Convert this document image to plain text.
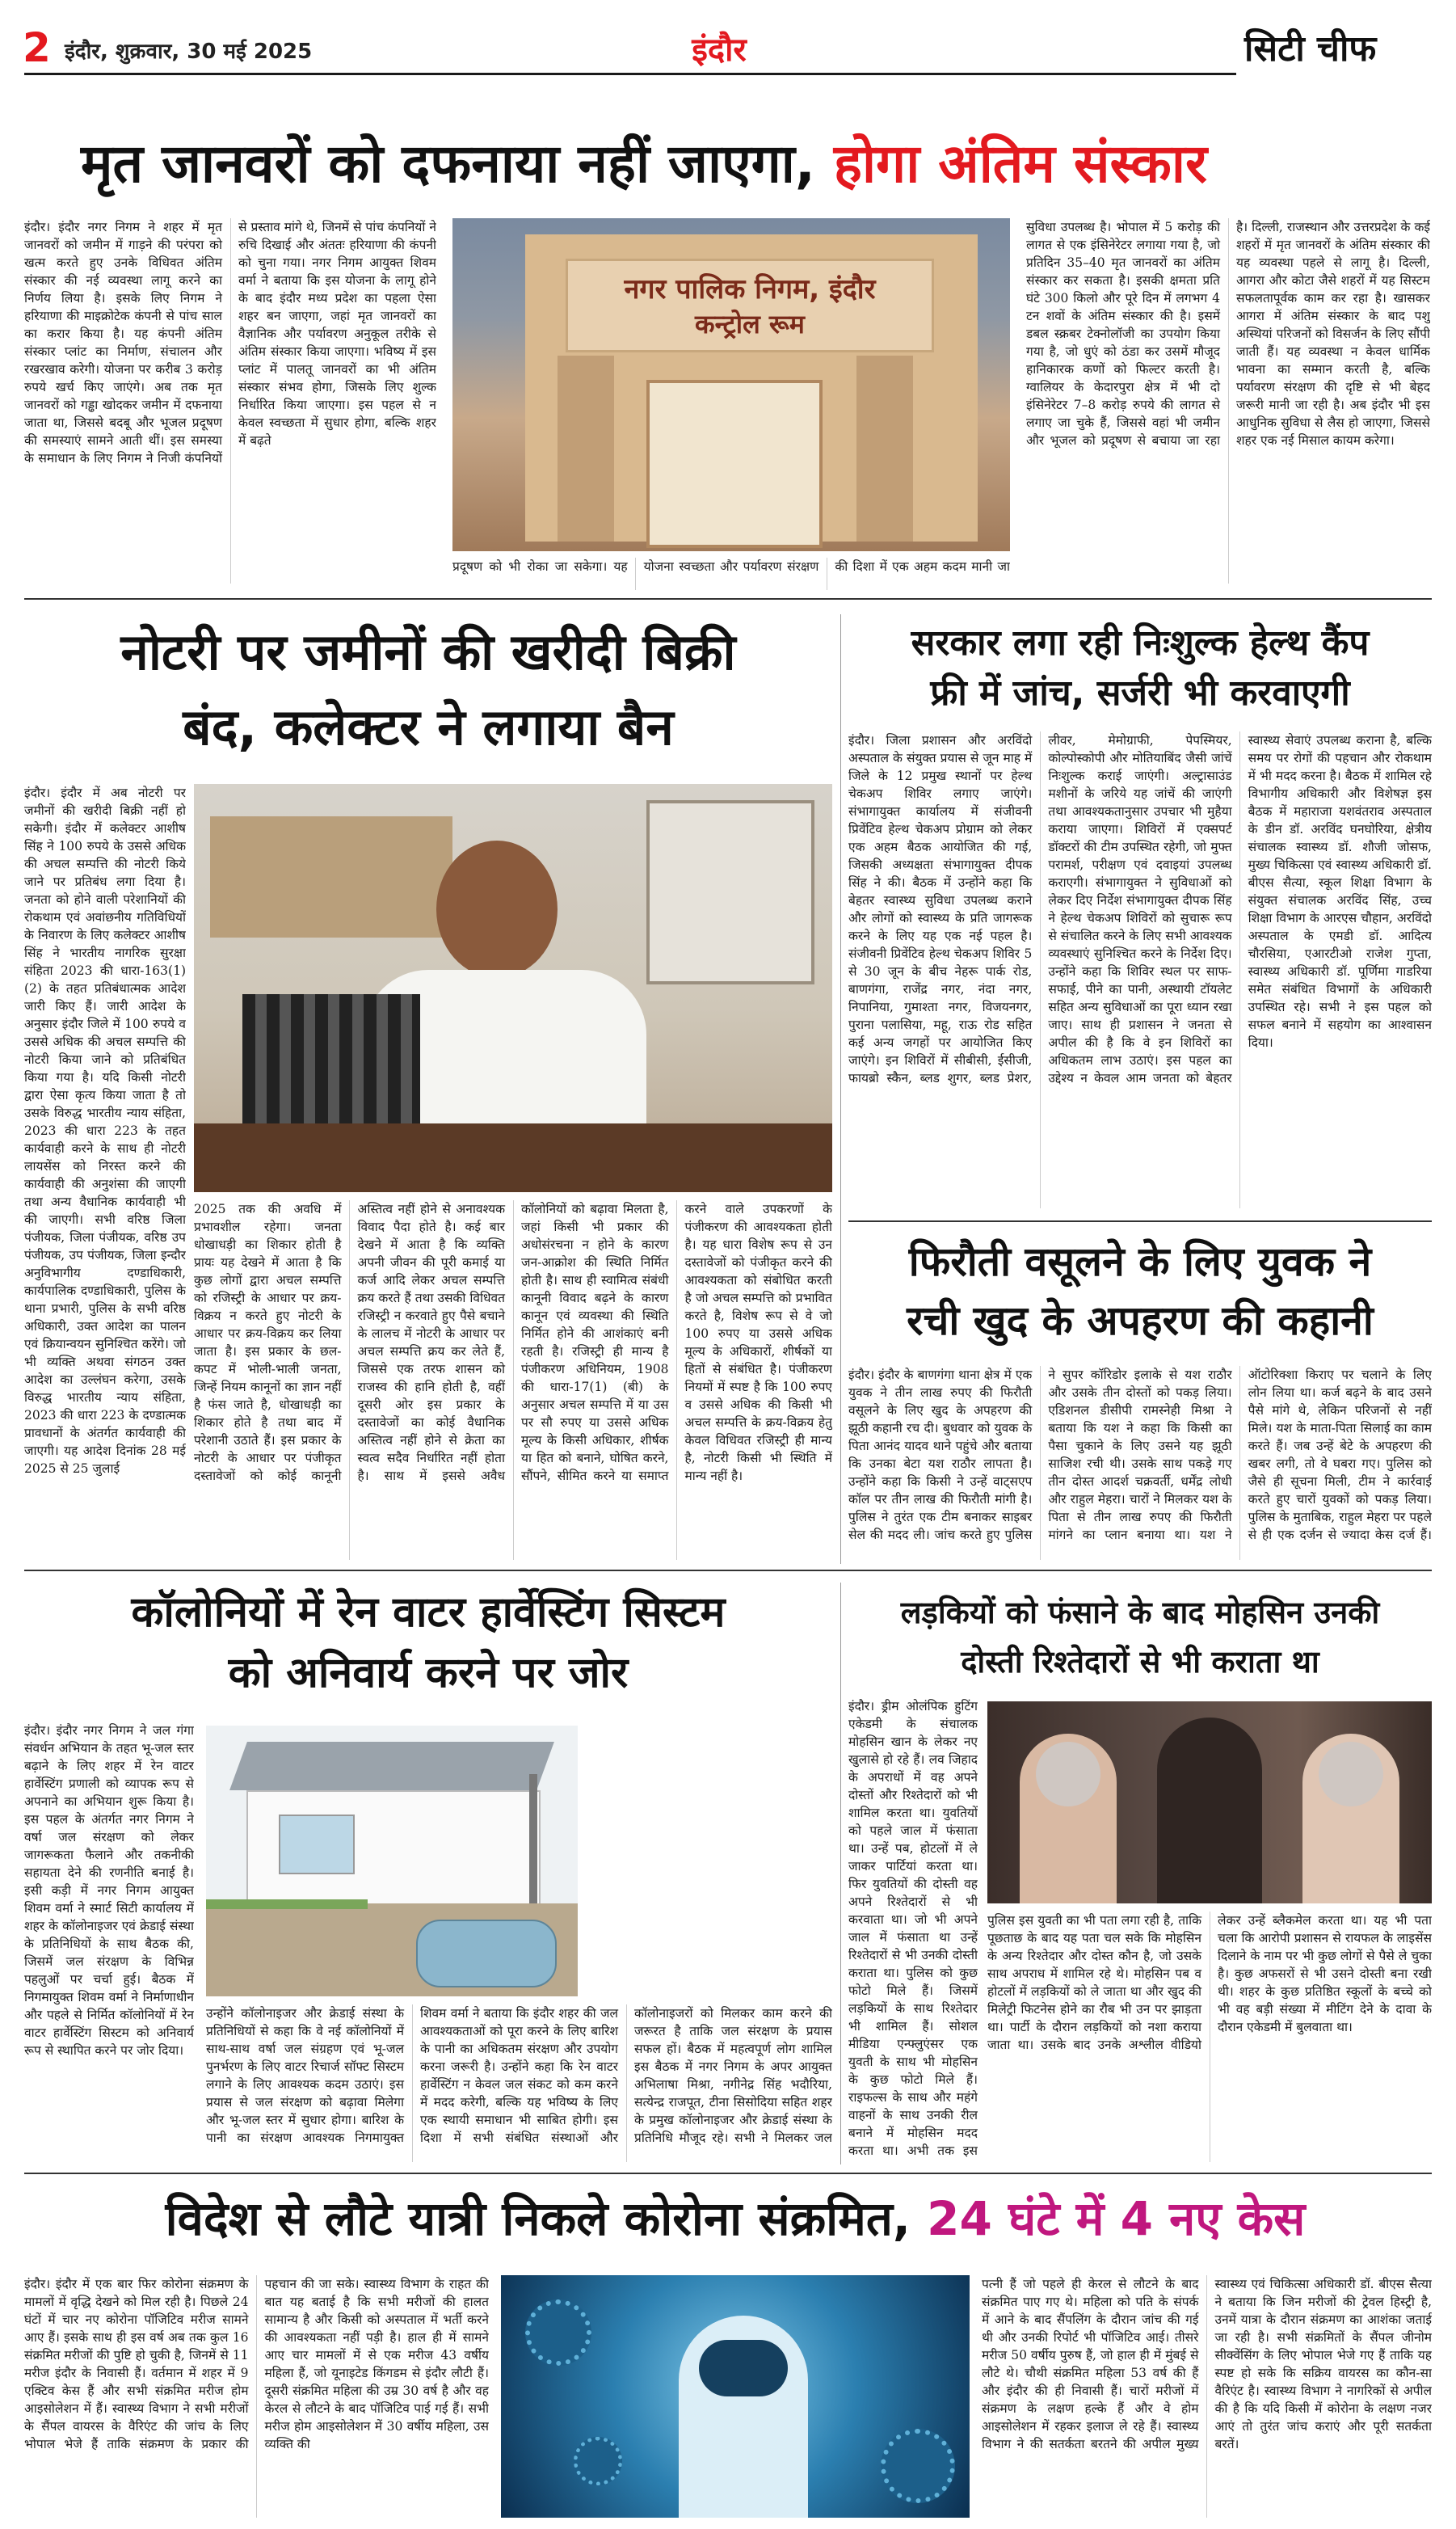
2 इंदौर, शुक्रवार, 30 मई 2025	इंदौर	सिटी चीफ
मृत जानवरों को दफनाया नहीं जाएगा, होगा अंतिम संस्कार
इंदौर। इंदौर नगर निगम ने शहर में मृत जानवरों को जमीन में गाड़ने की परंपरा को खत्म करते हुए उनके विधिवत अंतिम संस्कार की नई व्यवस्था लागू करने का निर्णय लिया है। इसके लिए निगम ने हरियाणा की माइक्रोटेक कंपनी से पांच साल का करार किया है। यह कंपनी अंतिम संस्कार प्लांट का निर्माण, संचालन और रखरखाव करेगी। योजना पर करीब 3 करोड़ रुपये खर्च किए जाएंगे। अब तक मृत जानवरों को गड्ढा खोदकर जमीन में दफनाया जाता था, जिससे बदबू और भूजल प्रदूषण की समस्याएं सामने आती थीं। इस समस्या के समाधान के लिए निगम ने निजी कंपनियों से प्रस्ताव मांगे थे, जिनमें से पांच कंपनियों ने रुचि दिखाई और अंततः हरियाणा की कंपनी को चुना गया। नगर निगम आयुक्त शिवम वर्मा ने बताया कि इस योजना के लागू होने के बाद इंदौर मध्य प्रदेश का पहला ऐसा शहर बन जाएगा, जहां मृत जानवरों का वैज्ञानिक और पर्यावरण अनुकूल तरीके से अंतिम संस्कार किया जाएगा। भविष्य में इस प्लांट में पालतू जानवरों का भी अंतिम संस्कार संभव होगा, जिसके लिए शुल्क निर्धारित किया जाएगा। इस पहल से न केवल स्वच्छता में सुधार होगा, बल्कि शहर में बढ़ते
नगर पालिक निगम, इंदौर
कन्ट्रोल रूम
प्रदूषण को भी रोका जा सकेगा। यह योजना स्वच्छता और पर्यावरण संरक्षण की दिशा में एक अहम कदम मानी जा
सुविधा उपलब्ध है। भोपाल में 5 करोड़ की लागत से एक इंसिनेरेटर लगाया गया है, जो प्रतिदिन 35–40 मृत जानवरों का अंतिम संस्कार कर सकता है। इसकी क्षमता प्रति घंटे 300 किलो और पूरे दिन में लगभग 4 टन शवों के अंतिम संस्कार की है। इसमें डबल स्क्रबर टेक्नोलॉजी का उपयोग किया गया है, जो धुएं को ठंडा कर उसमें मौजूद हानिकारक कणों को फिल्टर करती है। ग्वालियर के केदारपुरा क्षेत्र में भी दो इंसिनेरेटर 7–8 करोड़ रुपये की लागत से लगाए जा चुके हैं, जिससे वहां भी जमीन और भूजल को प्रदूषण से बचाया जा रहा है। दिल्ली, राजस्थान और उत्तरप्रदेश के कई शहरों में मृत जानवरों के अंतिम संस्कार की यह व्यवस्था पहले से लागू है। दिल्ली, आगरा और कोटा जैसे शहरों में यह सिस्टम सफलतापूर्वक काम कर रहा है। खासकर आगरा में अंतिम संस्कार के बाद पशु अस्थियां परिजनों को विसर्जन के लिए सौंपी जाती हैं। यह व्यवस्था न केवल धार्मिक भावना का सम्मान करती है, बल्कि पर्यावरण संरक्षण की दृष्टि से भी बेहद जरूरी मानी जा रही है। अब इंदौर भी इस आधुनिक सुविधा से लैस हो जाएगा, जिससे शहर एक नई मिसाल कायम करेगा।
नोटरी पर जमीनों की खरीदी बिक्री
बंद, कलेक्टर ने लगाया बैन
इंदौर। इंदौर में अब नोटरी पर जमीनों की खरीदी बिक्री नहीं हो सकेगी। इंदौर में कलेक्टर आशीष सिंह ने 100 रुपये के उससे अधिक की अचल सम्पत्ति की नोटरी किये जाने पर प्रतिबंध लगा दिया है। जनता को होने वाली परेशानियों की रोकथाम एवं अवांछनीय गतिविधियों के निवारण के लिए कलेक्टर आशीष सिंह ने भारतीय नागरिक सुरक्षा संहिता 2023 की धारा-163(1)(2) के तहत प्रतिबंधात्मक आदेश जारी किए हैं। जारी आदेश के अनुसार इंदौर जिले में 100 रुपये व उससे अधिक की अचल सम्पत्ति की नोटरी किया जाने को प्रतिबंधित किया गया है। यदि किसी नोटरी द्वारा ऐसा कृत्य किया जाता है तो उसके विरुद्ध भारतीय न्याय संहिता, 2023 की धारा 223 के तहत कार्यवाही करने के साथ ही नोटरी लायसेंस को निरस्त करने की कार्यवाही की अनुशंसा की जाएगी तथा अन्य वैधानिक कार्यवाही भी की जाएगी। सभी वरिष्ठ जिला पंजीयक, जिला पंजीयक, वरिष्ठ उप पंजीयक, उप पंजीयक, जिला इन्दौर अनुविभागीय दण्डाधिकारी, कार्यपालिक दण्डाधिकारी, पुलिस के थाना प्रभारी, पुलिस के सभी वरिष्ठ अधिकारी, उक्त आदेश का पालन एवं क्रियान्वयन सुनिश्चित करेंगे। जो भी व्यक्ति अथवा संगठन उक्त आदेश का उल्लंघन करेगा, उसके विरुद्ध भारतीय न्याय संहिता, 2023 की धारा 223 के दण्डात्मक प्रावधानों के अंतर्गत कार्यवाही की जाएगी। यह आदेश दिनांक 28 मई 2025 से 25 जुलाई
2025 तक की अवधि में प्रभावशील रहेगा। जनता धोखाधड़ी का शिकार होती है प्रायः यह देखने में आता है कि कुछ लोगों द्वारा अचल सम्पत्ति को रजिस्ट्री के आधार पर क्रय-विक्रय न करते हुए नोटरी के आधार पर क्रय-विक्रय कर लिया जाता है। इस प्रकार के छल-कपट में भोली-भाली जनता, जिन्हें नियम कानूनों का ज्ञान नहीं है फंस जाते है, धोखाधड़ी का शिकार होते है तथा बाद में परेशानी उठाते हैं। इस प्रकार के नोटरी के आधार पर पंजीकृत दस्तावेजों को कोई कानूनी अस्तित्व नहीं होने से अनावश्यक विवाद पैदा होते है। कई बार देखने में आता है कि व्यक्ति अपनी जीवन की पूरी कमाई या कर्ज आदि लेकर अचल सम्पत्ति क्रय करते हैं तथा उसकी विधिवत रजिस्ट्री न करवाते हुए पैसे बचाने के लालच में नोटरी के आधार पर अचल सम्पत्ति क्रय कर लेते हैं, जिससे एक तरफ शासन को राजस्व की हानि होती है, वहीं दूसरी ओर इस प्रकार के दस्तावेजों का कोई वैधानिक अस्तित्व नहीं होने से क्रेता का स्वत्व सदैव निर्धारित नहीं होता है। साथ में इससे अवैध कॉलोनियों को बढ़ावा मिलता है, जहां किसी भी प्रकार की अधोसंरचना न होने के कारण जन-आक्रोश की स्थिति निर्मित होती है। साथ ही स्वामित्व संबंधी कानूनी विवाद बढ़ने के कारण कानून एवं व्यवस्था की स्थिति निर्मित होने की आशंकाएं बनी रहती है। रजिस्ट्री ही मान्य है पंजीकरण अधिनियम, 1908 की धारा-17(1) (बी) के अनुसार अचल सम्पत्ति में या उस पर सौ रुपए या उससे अधिक मूल्य के किसी अधिकार, शीर्षक या हित को बनाने, घोषित करने, सौंपने, सीमित करने या समाप्त करने वाले उपकरणों के पंजीकरण की आवश्यकता होती है। यह धारा विशेष रूप से उन दस्तावेजों को पंजीकृत करने की आवश्यकता को संबोधित करती है जो अचल सम्पत्ति को प्रभावित करते है, विशेष रूप से वे जो 100 रुपए या उससे अधिक मूल्य के अधिकारों, शीर्षकों या हितों से संबंधित है। पंजीकरण नियमों में स्पष्ट है कि 100 रुपए व उससे अधिक की किसी भी अचल सम्पत्ति के क्रय-विक्रय हेतु केवल विधिवत रजिस्ट्री ही मान्य है, नोटरी किसी भी स्थिति में मान्य नहीं है।
सरकार लगा रही निःशुल्क हेल्थ कैंप
फ्री में जांच, सर्जरी भी करवाएगी
इंदौर। जिला प्रशासन और अरविंदो अस्पताल के संयुक्त प्रयास से जून माह में जिले के 12 प्रमुख स्थानों पर हेल्थ चेकअप शिविर लगाए जाएंगे। संभागायुक्त कार्यालय में संजीवनी प्रिवेंटिव हेल्थ चेकअप प्रोग्राम को लेकर एक अहम बैठक आयोजित की गई, जिसकी अध्यक्षता संभागायुक्त दीपक सिंह ने की। बैठक में उन्होंने कहा कि बेहतर स्वास्थ्य सुविधा उपलब्ध कराने और लोगों को स्वास्थ्य के प्रति जागरूक करने के लिए यह एक नई पहल है। संजीवनी प्रिवेंटिव हेल्थ चेकअप शिविर 5 से 30 जून के बीच नेहरू पार्क रोड, बाणगंगा, राजेंद्र नगर, नंदा नगर, निपानिया, गुमाश्ता नगर, विजयनगर, पुराना पलासिया, महू, राऊ रोड सहित कई अन्य जगहों पर आयोजित किए जाएंगे। इन शिविरों में सीबीसी, ईसीजी, फायब्रो स्कैन, ब्लड शुगर, ब्लड प्रेशर, लीवर, मेमोग्राफी, पेपस्मियर, कोल्पोस्कोपी और मोतियाबिंद जैसी जांचें निःशुल्क कराई जाएंगी। अल्ट्रासाउंड मशीनों के जरिये यह जांचें की जाएंगी तथा आवश्यकतानुसार उपचार भी मुहैया कराया जाएगा। शिविरों में एक्सपर्ट डॉक्टरों की टीम उपस्थित रहेगी, जो मुफ्त परामर्श, परीक्षण एवं दवाइयां उपलब्ध कराएगी। संभागायुक्त ने सुविधाओं को लेकर दिए निर्देश संभागायुक्त दीपक सिंह ने हेल्थ चेकअप शिविरों को सुचारू रूप से संचालित करने के लिए सभी आवश्यक व्यवस्थाएं सुनिश्चित करने के निर्देश दिए। उन्होंने कहा कि शिविर स्थल पर साफ-सफाई, पीने का पानी, अस्थायी टॉयलेट सहित अन्य सुविधाओं का पूरा ध्यान रखा जाए। साथ ही प्रशासन ने जनता से अपील की है कि वे इन शिविरों का अधिकतम लाभ उठाएं। इस पहल का उद्देश्य न केवल आम जनता को बेहतर स्वास्थ्य सेवाएं उपलब्ध कराना है, बल्कि समय पर रोगों की पहचान और रोकथाम में भी मदद करना है। बैठक में शामिल रहे विभागीय अधिकारी और विशेषज्ञ इस बैठक में महाराजा यशवंतराव अस्पताल के डीन डॉ. अरविंद घनघोरिया, क्षेत्रीय संचालक स्वास्थ्य डॉ. शौजी जोसफ, मुख्य चिकित्सा एवं स्वास्थ्य अधिकारी डॉ. बीएस सैत्या, स्कूल शिक्षा विभाग के संयुक्त संचालक अरविंद सिंह, उच्च शिक्षा विभाग के आरएस चौहान, अरविंदो अस्पताल के एमडी डॉ. आदित्य चौरसिया, एआरटीओ राजेश गुप्ता, स्वास्थ्य अधिकारी डॉ. पूर्णिमा गाडरिया समेत संबंधित विभागों के अधिकारी उपस्थित रहे। सभी ने इस पहल को सफल बनाने में सहयोग का आश्वासन दिया।
फिरौती वसूलने के लिए युवक ने
रची खुद के अपहरण की कहानी
इंदौर। इंदौर के बाणगंगा थाना क्षेत्र में एक युवक ने तीन लाख रुपए की फिरौती वसूलने के लिए खुद के अपहरण की झूठी कहानी रच दी। बुधवार को युवक के पिता आनंद यादव थाने पहुंचे और बताया कि उनका बेटा यश राठौर लापता है। उन्होंने कहा कि किसी ने उन्हें वाट्सएप कॉल पर तीन लाख की फिरौती मांगी है। पुलिस ने तुरंत एक टीम बनाकर साइबर सेल की मदद ली। जांच करते हुए पुलिस ने सुपर कॉरिडोर इलाके से यश राठौर और उसके तीन दोस्तों को पकड़ लिया। एडिशनल डीसीपी रामस्नेही मिश्रा ने बताया कि यश ने कहा कि किसी का पैसा चुकाने के लिए उसने यह झूठी साजिश रची थी। उसके साथ पकड़े गए तीन दोस्त आदर्श चक्रवर्ती, धर्मेंद्र लोधी और राहुल मेहरा। चारों ने मिलकर यश के पिता से तीन लाख रुपए की फिरौती मांगने का प्लान बनाया था। यश ने ऑटोरिक्शा किराए पर चलाने के लिए लोन लिया था। कर्ज बढ़ने के बाद उसने पैसे मांगे थे, लेकिन परिजनों से नहीं मिले। यश के माता-पिता सिलाई का काम करते हैं। जब उन्हें बेटे के अपहरण की खबर लगी, तो वे घबरा गए। पुलिस को जैसे ही सूचना मिली, टीम ने कार्रवाई करते हुए चारों युवकों को पकड़ लिया। पुलिस के मुताबिक, राहुल मेहरा पर पहले से ही एक दर्जन से ज्यादा केस दर्ज हैं।
कॉलोनियों में रेन वाटर हार्वेस्टिंग सिस्टम
को अनिवार्य करने पर जोर
इंदौर। इंदौर नगर निगम ने जल गंगा संवर्धन अभियान के तहत भू-जल स्तर बढ़ाने के लिए शहर में रेन वाटर हार्वेस्टिंग प्रणाली को व्यापक रूप से अपनाने का अभियान शुरू किया है। इस पहल के अंतर्गत नगर निगम ने वर्षा जल संरक्षण को लेकर जागरूकता फैलाने और तकनीकी सहायता देने की रणनीति बनाई है। इसी कड़ी में नगर निगम आयुक्त शिवम वर्मा ने स्मार्ट सिटी कार्यालय में शहर के कॉलोनाइजर एवं क्रेडाई संस्था के प्रतिनिधियों के साथ बैठक की, जिसमें जल संरक्षण के विभिन्न पहलुओं पर चर्चा हुई। बैठक में निगमायुक्त शिवम वर्मा ने निर्माणाधीन और पहले से निर्मित कॉलोनियों में रेन वाटर हार्वेस्टिंग सिस्टम को अनिवार्य रूप से स्थापित करने पर जोर दिया।
उन्होंने कॉलोनाइजर और क्रेडाई संस्था के प्रतिनिधियों से कहा कि वे नई कॉलोनियों में साथ-साथ वर्षा जल संग्रहण एवं भू-जल पुनर्भरण के लिए वाटर रिचार्ज सॉफ्ट सिस्टम लगाने के लिए आवश्यक कदम उठाएं। इस प्रयास से जल संरक्षण को बढ़ावा मिलेगा और भू-जल स्तर में सुधार होगा। बारिश के पानी का संरक्षण आवश्यक निगमायुक्त शिवम वर्मा ने बताया कि इंदौर शहर की जल आवश्यकताओं को पूरा करने के लिए बारिश के पानी का अधिकतम संरक्षण और उपयोग करना जरूरी है। उन्होंने कहा कि रेन वाटर हार्वेस्टिंग न केवल जल संकट को कम करने में मदद करेगी, बल्कि यह भविष्य के लिए एक स्थायी समाधान भी साबित होगी। इस दिशा में सभी संबंधित संस्थाओं और कॉलोनाइजरों को मिलकर काम करने की जरूरत है ताकि जल संरक्षण के प्रयास सफल हों। बैठक में महत्वपूर्ण लोग शामिल इस बैठक में नगर निगम के अपर आयुक्त अभिलाषा मिश्रा, नगीनेद्र सिंह भदौरिया, सत्येन्द्र राजपूत, टीना सिसोदिया सहित शहर के प्रमुख कॉलोनाइजर और क्रेडाई संस्था के प्रतिनिधि मौजूद रहे। सभी ने मिलकर जल
लड़कियों को फंसाने के बाद मोहसिन उनकी
दोस्ती रिश्तेदारों से भी कराता था
इंदौर। ड्रीम ओलंपिक हुटिंग एकेडमी के संचालक मोहसिन खान के लेकर नए खुलासे हो रहे हैं। लव जिहाद के अपराधों में वह अपने दोस्तों और रिश्तेदारों को भी शामिल करता था। युवतियों को पहले जाल में फंसाता था। उन्हें पब, होटलों में ले जाकर पार्टियां करता था। फिर युवतियों की दोस्ती वह अपने रिश्तेदारों से भी करवाता था। जो भी अपने जाल में फंसाता था उन्हें रिश्तेदारों से भी उनकी दोस्ती कराता था। पुलिस को कुछ फोटो मिले हैं। जिसमें लड़कियों के साथ रिश्तेदार भी शामिल हैं। सोशल मीडिया एन्फ्लुएंसर एक युवती के साथ भी मोहसिन के कुछ फोटो मिले हैं। राइफल्स के साथ और महंगे वाहनों के साथ उनकी रील बनाने में मोहसिन मदद करता था। अभी तक इस
पुलिस इस युवती का भी पता लगा रही है, ताकि पूछताछ के बाद यह पता चल सके कि मोहसिन के अन्य रिश्तेदार और दोस्त कौन है, जो उसके साथ अपराध में शामिल रहे थे। मोहसिन पब व होटलों में लड़कियों को ले जाता था और खुद की मिलेट्री फिटनेस होने का रौब भी उन पर झाड़ता था। पार्टी के दौरान लड़कियों को नशा कराया जाता था। उसके बाद उनके अश्लील वीडियो लेकर उन्हें ब्लैकमेल करता था। यह भी पता चला कि आरोपी प्रशासन से रायफल के लाइसेंस दिलाने के नाम पर भी कुछ लोगों से पैसे ले चुका है। कुछ अफसरों से भी उसने दोस्ती बना रखी थी। शहर के कुछ प्रतिष्ठित स्कूलों के बच्चे को भी वह बड़ी संख्या में मीटिंग देने के दावा के दौरान एकेडमी में बुलवाता था।
विदेश से लौटे यात्री निकले कोरोना संक्रमित, 24 घंटे में 4 नए केस
इंदौर। इंदौर में एक बार फिर कोरोना संक्रमण के मामलों में वृद्धि देखने को मिल रही है। पिछले 24 घंटों में चार नए कोरोना पॉजिटिव मरीज सामने आए हैं। इसके साथ ही इस वर्ष अब तक कुल 16 संक्रमित मरीजों की पुष्टि हो चुकी है, जिनमें से 11 मरीज इंदौर के निवासी हैं। वर्तमान में शहर में 9 एक्टिव केस हैं और सभी संक्रमित मरीज होम आइसोलेशन में हैं। स्वास्थ्य विभाग ने सभी मरीजों के सैंपल वायरस के वैरिएंट की जांच के लिए भोपाल भेजे हैं ताकि संक्रमण के प्रकार की पहचान की जा सके। स्वास्थ्य विभाग के राहत की बात यह बताई है कि सभी मरीजों की हालत सामान्य है और किसी को अस्पताल में भर्ती करने की आवश्यकता नहीं पड़ी है। हाल ही में सामने आए चार मामलों में से एक मरीज 43 वर्षीय महिला हैं, जो यूनाइटेड किंगडम से इंदौर लौटी हैं। दूसरी संक्रमित महिला की उम्र 30 वर्ष है और वह केरल से लौटने के बाद पॉजिटिव पाई गई हैं। सभी मरीज होम आइसोलेशन में 30 वर्षीय महिला, उस व्यक्ति की
पत्नी हैं जो पहले ही केरल से लौटने के बाद संक्रमित पाए गए थे। महिला को पति के संपर्क में आने के बाद सैंपलिंग के दौरान जांच की गई थी और उनकी रिपोर्ट भी पॉजिटिव आई। तीसरे मरीज 50 वर्षीय पुरुष हैं, जो हाल ही में मुंबई से लौटे थे। चौथी संक्रमित महिला 53 वर्ष की हैं और इंदौर की ही निवासी हैं। चारों मरीजों में संक्रमण के लक्षण हल्के हैं और वे होम आइसोलेशन में रहकर इलाज ले रहे हैं। स्वास्थ्य विभाग ने की सतर्कता बरतने की अपील मुख्य स्वास्थ्य एवं चिकित्सा अधिकारी डॉ. बीएस सैत्या ने बताया कि जिन मरीजों की ट्रेवल हिस्ट्री है, उनमें यात्रा के दौरान संक्रमण का आशंका जताई जा रही है। सभी संक्रमितों के सैंपल जीनोम सीक्वेंसिंग के लिए भोपाल भेजे गए हैं ताकि यह स्पष्ट हो सके कि सक्रिय वायरस का कौन-सा वैरिएंट है। स्वास्थ्य विभाग ने नागरिकों से अपील की है कि यदि किसी में कोरोना के लक्षण नजर आएं तो तुरंत जांच कराएं और पूरी सतर्कता बरतें।
